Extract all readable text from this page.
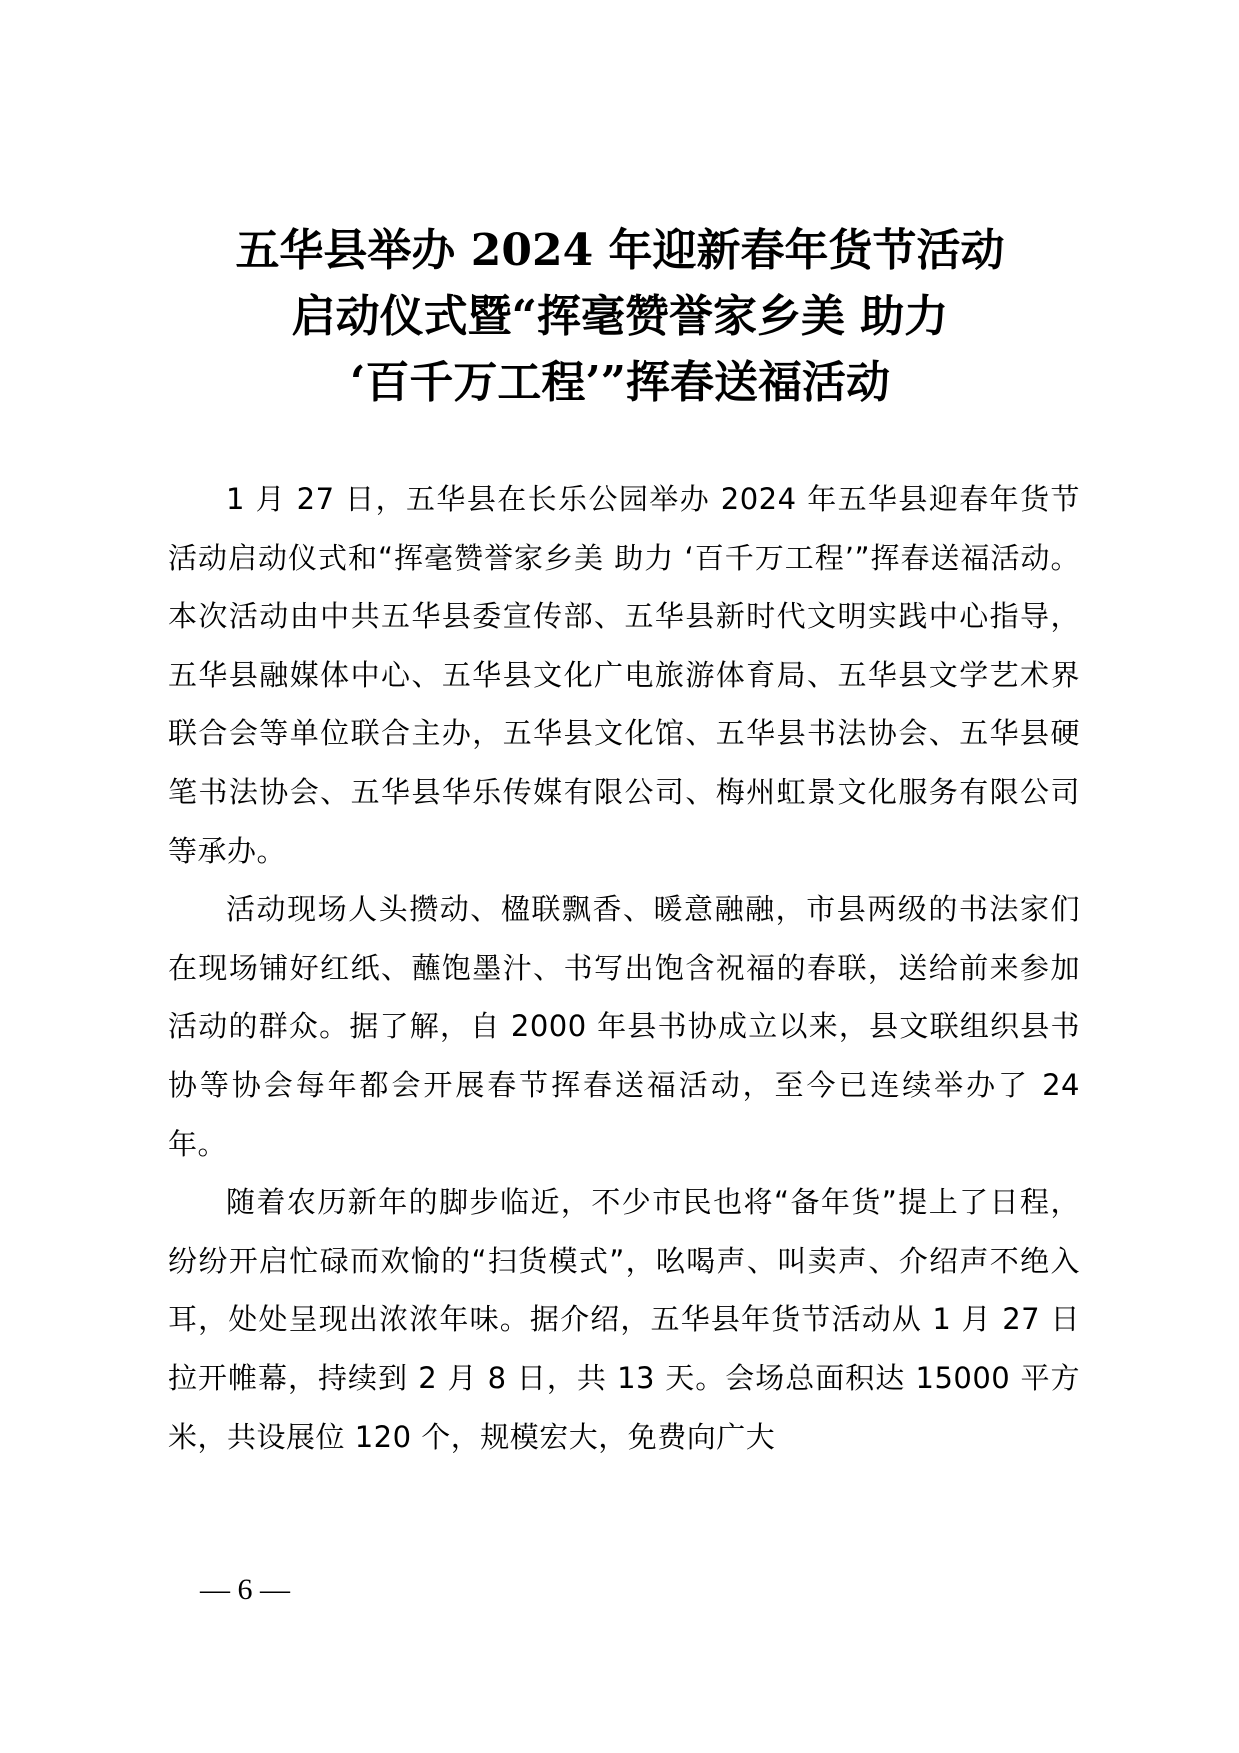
五华县举办 2024 年迎新春年货节活动
启动仪式暨“挥毫赞誉家乡美 助力
‘百千万工程’”挥春送福活动

1 月 27 日，五华县在长乐公园举办 2024 年五华县迎春年货节活动启动仪式和“挥毫赞誉家乡美 助力 ‘百千万工程’”挥春送福活动。本次活动由中共五华县委宣传部、五华县新时代文明实践中心指导，五华县融媒体中心、五华县文化广电旅游体育局、五华县文学艺术界联合会等单位联合主办，五华县文化馆、五华县书法协会、五华县硬笔书法协会、五华县华乐传媒有限公司、梅州虹景文化服务有限公司等承办。

活动现场人头攒动、楹联飘香、暖意融融，市县两级的书法家们在现场铺好红纸、蘸饱墨汁、书写出饱含祝福的春联，送给前来参加活动的群众。据了解，自 2000 年县书协成立以来，县文联组织县书协等协会每年都会开展春节挥春送福活动，至今已连续举办了 24 年。

随着农历新年的脚步临近，不少市民也将“备年货”提上了日程，纷纷开启忙碌而欢愉的“扫货模式”，吆喝声、叫卖声、介绍声不绝入耳，处处呈现出浓浓年味。据介绍，五华县年货节活动从 1 月 27 日拉开帷幕，持续到 2 月 8 日，共 13 天。会场总面积达 15000 平方米，共设展位 120 个，规模宏大，免费向广大

— 6 —
